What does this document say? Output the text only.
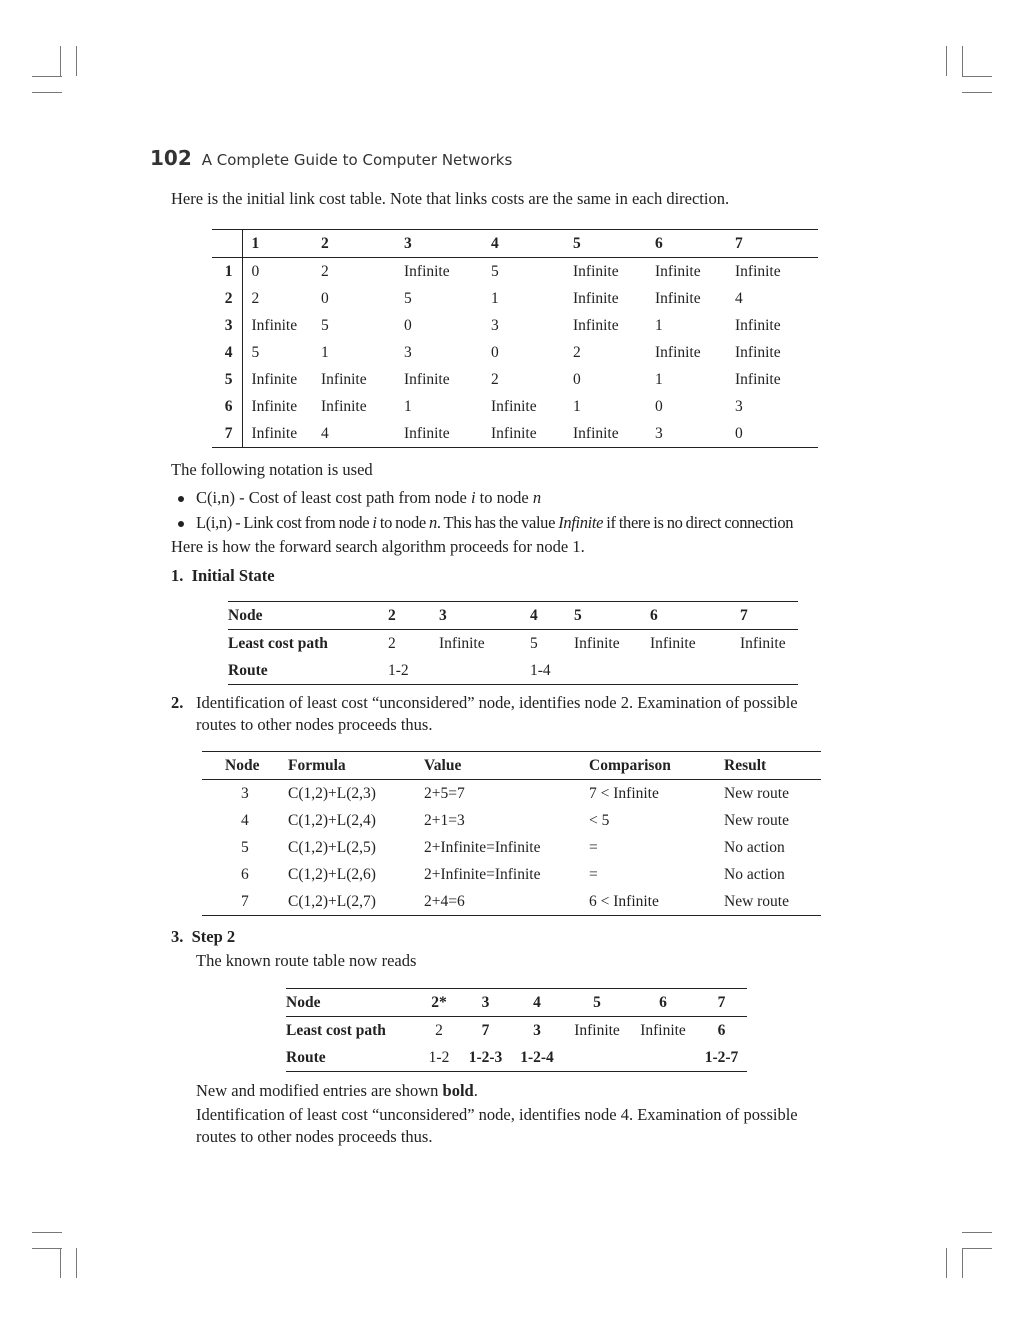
102 A Complete Guide to Computer Networks

Here is the initial link cost table. Note that links costs are the same in each direction.

	1	2	3	4	5	6	7
1	0	2	Infinite	5	Infinite	Infinite	Infinite
2	2	0	5	1	Infinite	Infinite	4
3	Infinite	5	0	3	Infinite	1	Infinite
4	5	1	3	0	2	Infinite	Infinite
5	Infinite	Infinite	Infinite	2	0	1	Infinite
6	Infinite	Infinite	1	Infinite	1	0	3
7	Infinite	4	Infinite	Infinite	Infinite	3	0

The following notation is used

C(i,n) - Cost of least cost path from node i to node n
L(i,n) - Link cost from node i to node n. This has the value Infinite if there is no direct connection

Here is how the forward search algorithm proceeds for node 1.

1. Initial State

Node	2	3	4	5	6	7
Least cost path	2	Infinite	5	Infinite	Infinite	Infinite
Route	1-2		1-4			

2. Identification of least cost “unconsidered” node, identifies node 2. Examination of possible
routes to other nodes proceeds thus.

Node	Formula	Value	Comparison	Result
3	C(1,2)+L(2,3)	2+5=7	7 < Infinite	New route
4	C(1,2)+L(2,4)	2+1=3	< 5	New route
5	C(1,2)+L(2,5)	2+Infinite=Infinite	=	No action
6	C(1,2)+L(2,6)	2+Infinite=Infinite	=	No action
7	C(1,2)+L(2,7)	2+4=6	6 < Infinite	New route

3. Step 2

The known route table now reads

Node	2*	3	4	5	6	7
Least cost path	2	7	3	Infinite	Infinite	6
Route	1-2	1-2-3	1-2-4			1-2-7

New and modified entries are shown bold.

Identification of least cost “unconsidered” node, identifies node 4. Examination of possible
routes to other nodes proceeds thus.
